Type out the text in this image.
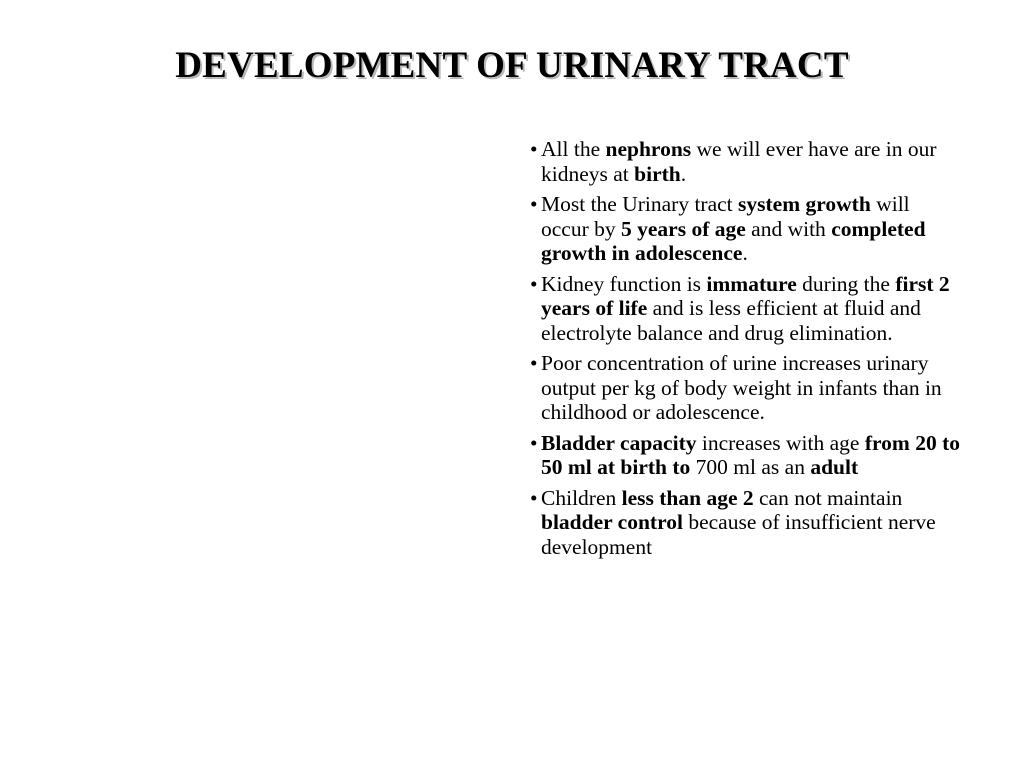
DEVELOPMENT OF URINARY TRACT
• All the nephrons we will ever have are in our kidneys at birth.
• Most the Urinary tract system growth will occur by 5 years of age and with completed growth in adolescence.
• Kidney function is immature during the first 2 years of life and is less efficient at fluid and electrolyte balance and drug elimination.
• Poor concentration of urine increases urinary output per kg of body weight in infants than in childhood or adolescence.
• Bladder capacity increases with age from 20 to 50 ml at birth to 700 ml as an adult
• Children less than age 2 can not maintain bladder control because of insufficient nerve development
